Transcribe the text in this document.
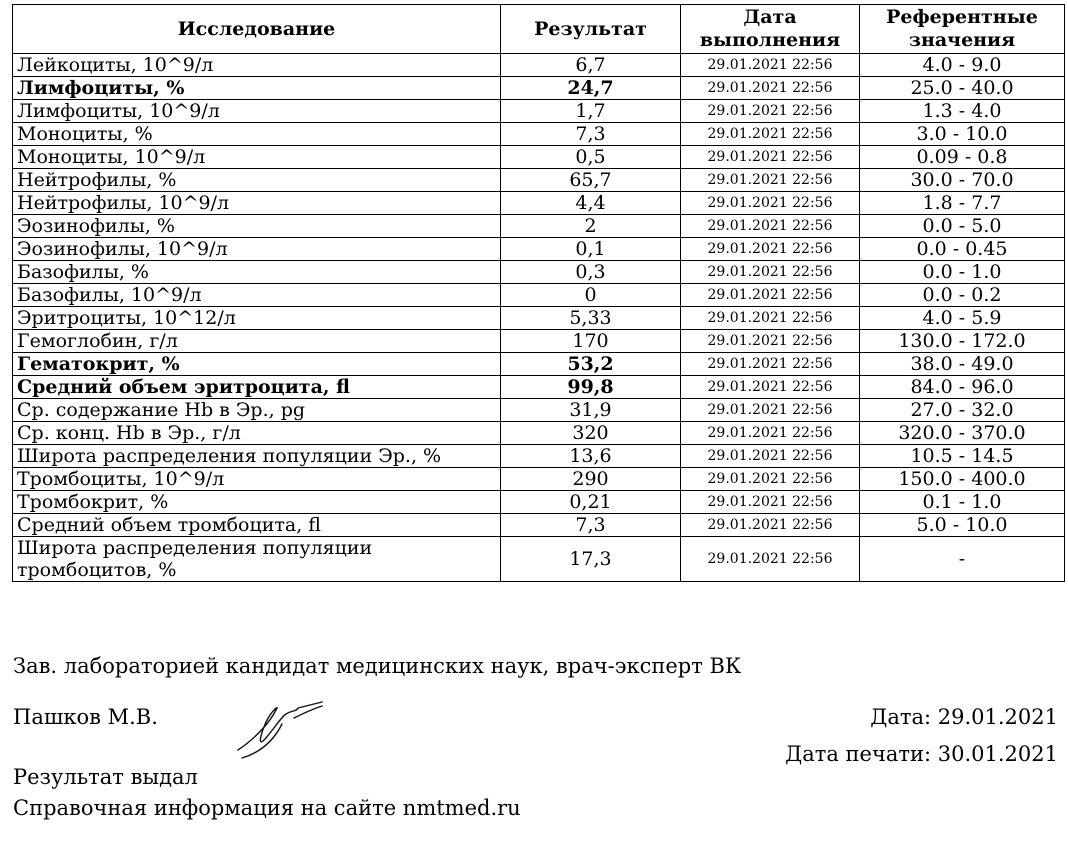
Исследование	Результат	Дата выполнения	Референтные значения
Лейкоциты, 10^9/л	6,7	29.01.2021 22:56	4.0 - 9.0
Лимфоциты, %	24,7	29.01.2021 22:56	25.0 - 40.0
Лимфоциты, 10^9/л	1,7	29.01.2021 22:56	1.3 - 4.0
Моноциты, %	7,3	29.01.2021 22:56	3.0 - 10.0
Моноциты, 10^9/л	0,5	29.01.2021 22:56	0.09 - 0.8
Нейтрофилы, %	65,7	29.01.2021 22:56	30.0 - 70.0
Нейтрофилы, 10^9/л	4,4	29.01.2021 22:56	1.8 - 7.7
Эозинофилы, %	2	29.01.2021 22:56	0.0 - 5.0
Эозинофилы, 10^9/л	0,1	29.01.2021 22:56	0.0 - 0.45
Базофилы, %	0,3	29.01.2021 22:56	0.0 - 1.0
Базофилы, 10^9/л	0	29.01.2021 22:56	0.0 - 0.2
Эритроциты, 10^12/л	5,33	29.01.2021 22:56	4.0 - 5.9
Гемоглобин, г/л	170	29.01.2021 22:56	130.0 - 172.0
Гематокрит, %	53,2	29.01.2021 22:56	38.0 - 49.0
Средний объем эритроцита, fl	99,8	29.01.2021 22:56	84.0 - 96.0
Ср. содержание Hb в Эр., pg	31,9	29.01.2021 22:56	27.0 - 32.0
Ср. конц. Hb в Эр., г/л	320	29.01.2021 22:56	320.0 - 370.0
Широта распределения популяции Эр., %	13,6	29.01.2021 22:56	10.5 - 14.5
Тромбоциты, 10^9/л	290	29.01.2021 22:56	150.0 - 400.0
Тромбокрит, %	0,21	29.01.2021 22:56	0.1 - 1.0
Средний объем тромбоцита, fl	7,3	29.01.2021 22:56	5.0 - 10.0
Широта распределения популяции тромбоцитов, %	17,3	29.01.2021 22:56	-
Зав. лабораторией кандидат медицинских наук, врач-эксперт ВК
Пашков М.В.	Дата: 29.01.2021
Дата печати: 30.01.2021
Результат выдал
Справочная информация на сайте nmtmed.ru
